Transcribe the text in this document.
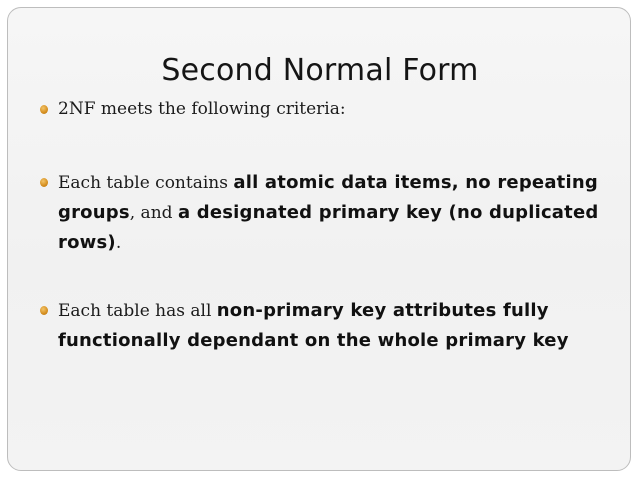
Second Normal Form
2NF meets the following criteria:
Each table contains all atomic data items, no repeating groups, and a designated primary key (no duplicated rows).
Each table has all non-primary key attributes fully functionally dependant on the whole primary key
